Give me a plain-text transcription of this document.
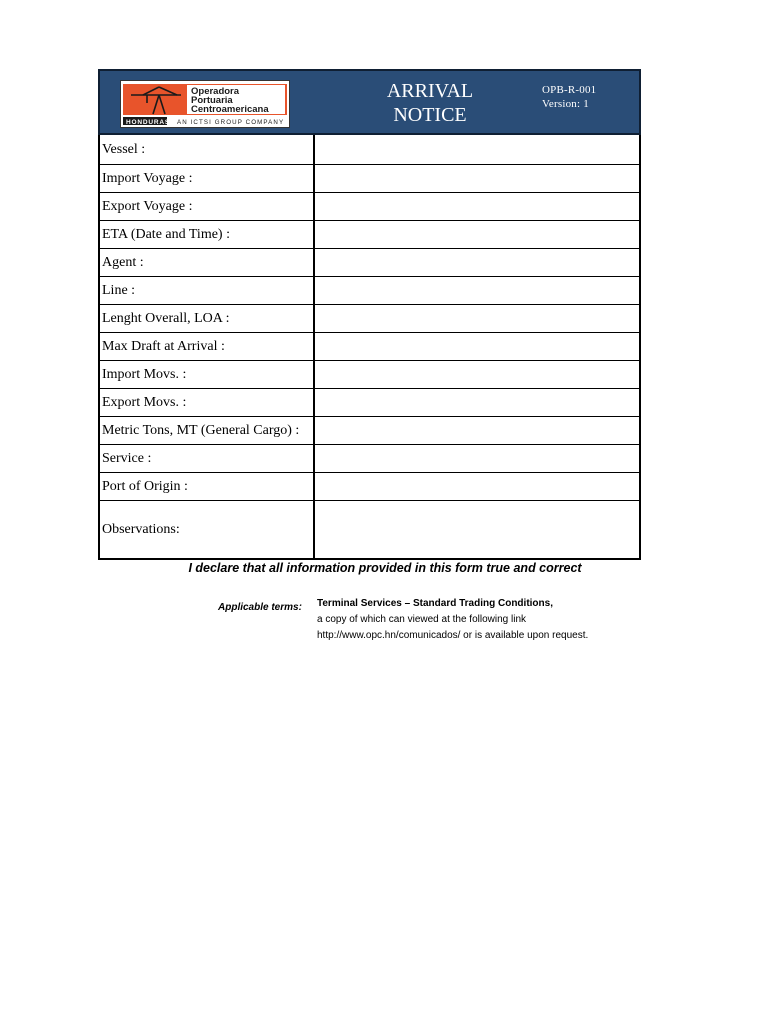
Operadora
Portuaria
Centroamericana
HONDURAS AN ICTSI GROUP COMPANY
ARRIVAL
NOTICE
OPB-R-001
Version: 1
Vessel :
Import Voyage :
Export Voyage :
ETA (Date and Time) :
Agent :
Line :
Lenght Overall, LOA :
Max Draft at Arrival :
Import Movs. :
Export Movs. :
Metric Tons, MT (General Cargo) :
Service :
Port of Origin :
Observations:
I declare that all information provided in this form true and correct
Applicable terms: Terminal Services – Standard Trading Conditions,
a copy of which can viewed at the following link
http://www.opc.hn/comunicados/ or is available upon request.
